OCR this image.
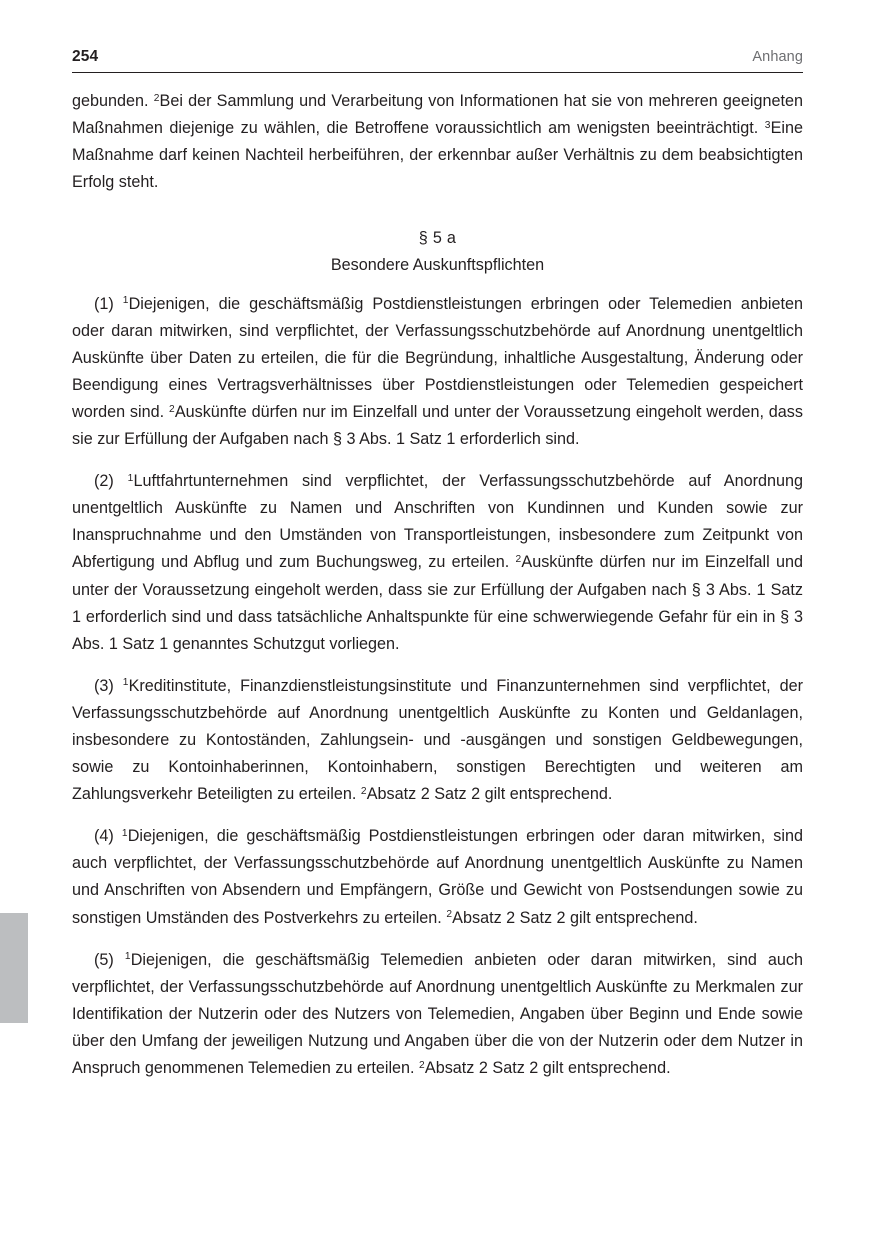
254	Anhang

gebunden. $^2$Bei der Sammlung und Verarbeitung von Informationen hat sie von mehreren geeigneten Maßnahmen diejenige zu wählen, die Betroffene voraussichtlich am wenigsten beeinträchtigt. $^3$Eine Maßnahme darf keinen Nachteil herbeiführen, der erkennbar außer Verhältnis zu dem beabsichtigten Erfolg steht.

§ 5 a
Besondere Auskunftspflichten

(1) $^1$Diejenigen, die geschäftsmäßig Postdienstleistungen erbringen oder Telemedien anbieten oder daran mitwirken, sind verpflichtet, der Verfassungsschutzbehörde auf Anordnung unentgeltlich Auskünfte über Daten zu erteilen, die für die Begründung, inhaltliche Ausgestaltung, Änderung oder Beendigung eines Vertragsverhältnisses über Postdienstleistungen oder Telemedien gespeichert worden sind. $^2$Auskünfte dürfen nur im Einzelfall und unter der Voraussetzung eingeholt werden, dass sie zur Erfüllung der Aufgaben nach § 3 Abs. 1 Satz 1 erforderlich sind.

(2) $^1$Luftfahrtunternehmen sind verpflichtet, der Verfassungsschutzbehörde auf Anordnung unentgeltlich Auskünfte zu Namen und Anschriften von Kundinnen und Kunden sowie zur Inanspruchnahme und den Umständen von Transportleistungen, insbesondere zum Zeitpunkt von Abfertigung und Abflug und zum Buchungsweg, zu erteilen. $^2$Auskünfte dürfen nur im Einzelfall und unter der Voraussetzung eingeholt werden, dass sie zur Erfüllung der Aufgaben nach § 3 Abs. 1 Satz 1 erforderlich sind und dass tatsächliche Anhaltspunkte für eine schwerwiegende Gefahr für ein in § 3 Abs. 1 Satz 1 genanntes Schutzgut vorliegen.

(3) $^1$Kreditinstitute, Finanzdienstleistungsinstitute und Finanzunternehmen sind verpflichtet, der Verfassungsschutzbehörde auf Anordnung unentgeltlich Auskünfte zu Konten und Geldanlagen, insbesondere zu Kontoständen, Zahlungsein- und -ausgängen und sonstigen Geldbewegungen, sowie zu Kontoinhaberinnen, Kontoinhabern, sonstigen Berechtigten und weiteren am Zahlungsverkehr Beteiligten zu erteilen. $^2$Absatz 2 Satz 2 gilt entsprechend.

(4) $^1$Diejenigen, die geschäftsmäßig Postdienstleistungen erbringen oder daran mitwirken, sind auch verpflichtet, der Verfassungsschutzbehörde auf Anordnung unentgeltlich Auskünfte zu Namen und Anschriften von Absendern und Empfängern, Größe und Gewicht von Postsendungen sowie zu sonstigen Umständen des Postverkehrs zu erteilen. $^2$Absatz 2 Satz 2 gilt entsprechend.

(5) $^1$Diejenigen, die geschäftsmäßig Telemedien anbieten oder daran mitwirken, sind auch verpflichtet, der Verfassungsschutzbehörde auf Anordnung unentgeltlich Auskünfte zu Merkmalen zur Identifikation der Nutzerin oder des Nutzers von Telemedien, Angaben über Beginn und Ende sowie über den Umfang der jeweiligen Nutzung und Angaben über die von der Nutzerin oder dem Nutzer in Anspruch genommenen Telemedien zu erteilen. $^2$Absatz 2 Satz 2 gilt entsprechend.
